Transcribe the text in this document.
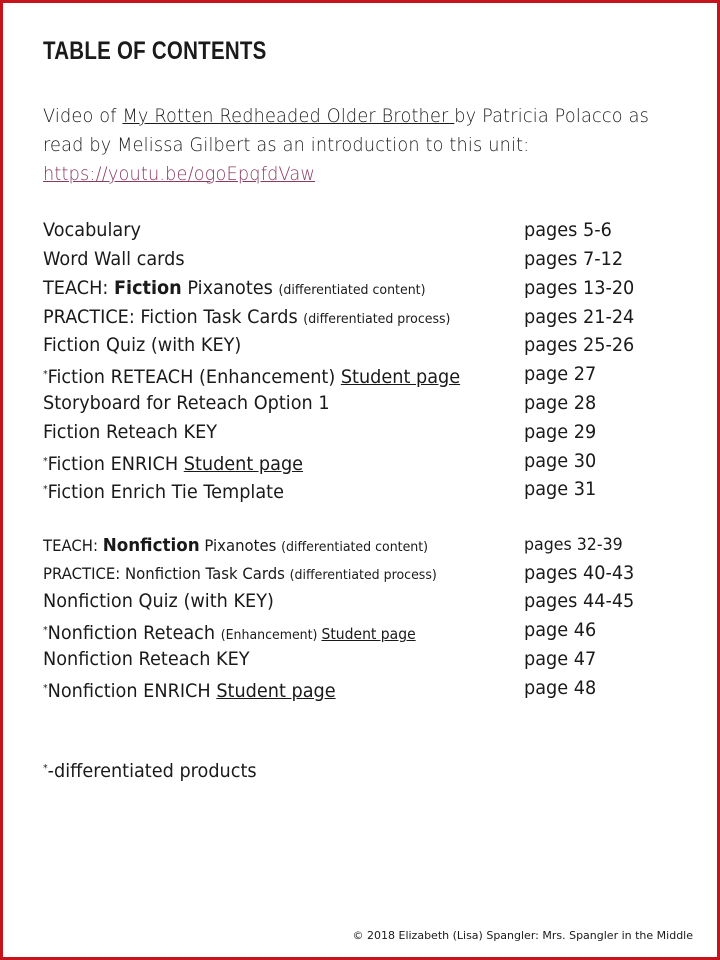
TABLE OF CONTENTS
Video of My Rotten Redheaded Older Brother by Patricia Polacco as read by Melissa Gilbert as an introduction to this unit:
https://youtu.be/ogoEpqfdVaw
Vocabulary	pages 5-6
Word Wall cards	pages 7-12
TEACH: Fiction Pixanotes (differentiated content)	pages 13-20
PRACTICE: Fiction Task Cards (differentiated process)	pages 21-24
Fiction Quiz (with KEY)	pages 25-26
*Fiction RETEACH (Enhancement) Student page	page 27
Storyboard for Reteach Option 1	page 28
Fiction Reteach KEY	page 29
*Fiction ENRICH Student page	page 30
*Fiction Enrich Tie Template	page 31
TEACH: Nonfiction Pixanotes (differentiated content)	pages 32-39
PRACTICE: Nonfiction Task Cards (differentiated process)	pages 40-43
Nonfiction Quiz (with KEY)	pages 44-45
*Nonfiction Reteach (Enhancement) Student page	page 46
Nonfiction Reteach KEY	page 47
*Nonfiction ENRICH Student page	page 48
*-differentiated products
© 2018 Elizabeth (Lisa) Spangler: Mrs. Spangler in the Middle
